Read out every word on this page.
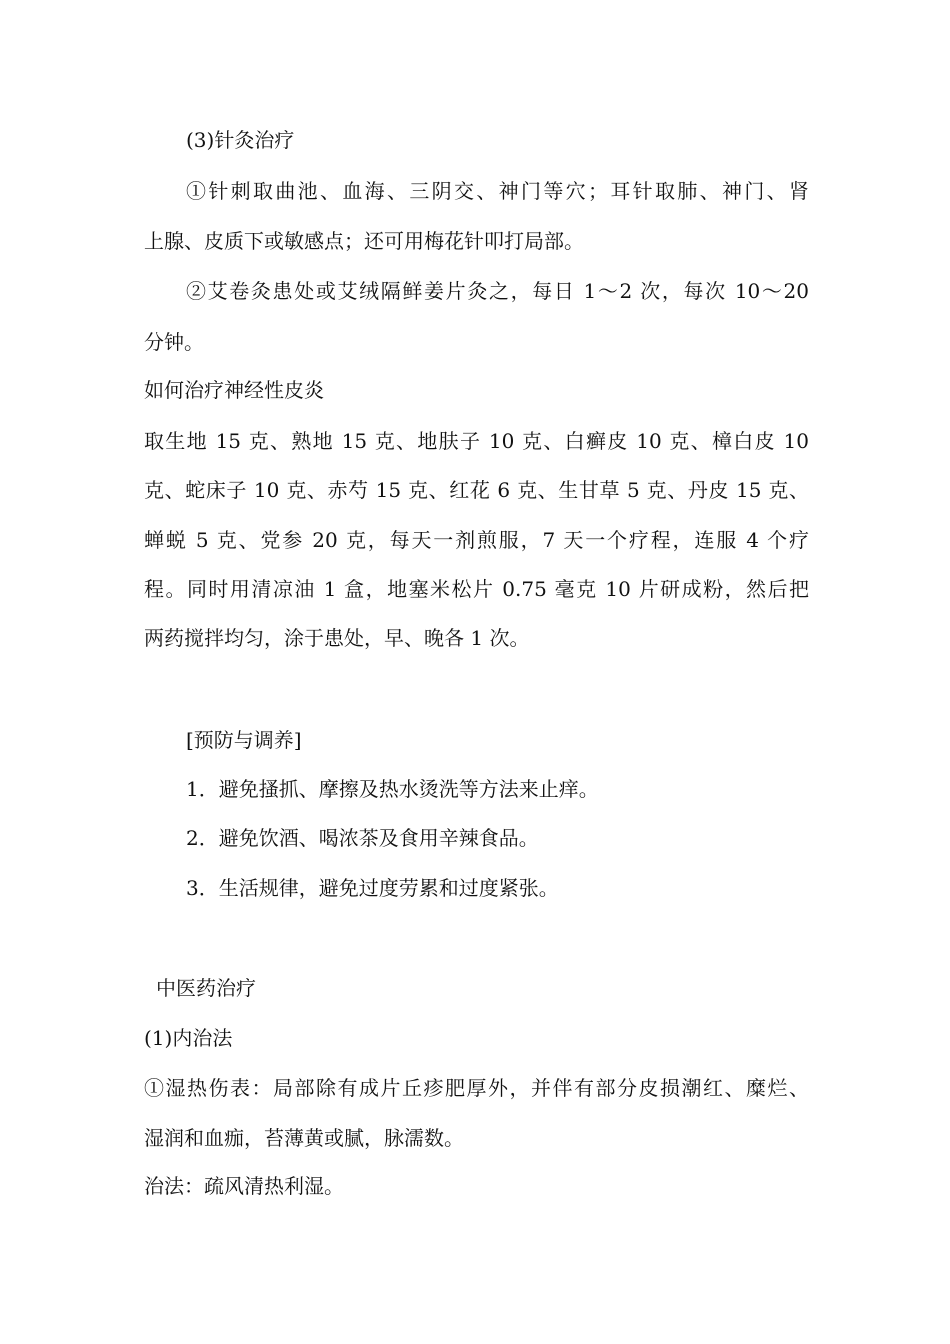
(3)针灸治疗
①针刺取曲池、血海、三阴交、神门等穴；耳针取肺、神门、肾
上腺、皮质下或敏感点；还可用梅花针叩打局部。
②艾卷灸患处或艾绒隔鲜姜片灸之，每日 1～2 次，每次 10～20
分钟。
如何治疗神经性皮炎
取生地 15 克、熟地 15 克、地肤子 10 克、白癣皮 10 克、樟白皮 10
克、蛇床子 10 克、赤芍 15 克、红花 6 克、生甘草 5 克、丹皮 15 克、
蝉蜕 5 克、党参 20 克，每天一剂煎服，7 天一个疗程，连服 4 个疗
程。同时用清凉油 1 盒，地塞米松片 0.75 毫克 10 片研成粉，然后把
两药搅拌均匀，涂于患处，早、晚各 1 次。
[预防与调养]
1．避免搔抓、摩擦及热水烫洗等方法来止痒。
2．避免饮酒、喝浓茶及食用辛辣食品。
3．生活规律，避免过度劳累和过度紧张。
中医药治疗
(1)内治法
①湿热伤表：局部除有成片丘疹肥厚外，并伴有部分皮损潮红、糜烂、
湿润和血痂，苔薄黄或腻，脉濡数。
治法：疏风清热利湿。
